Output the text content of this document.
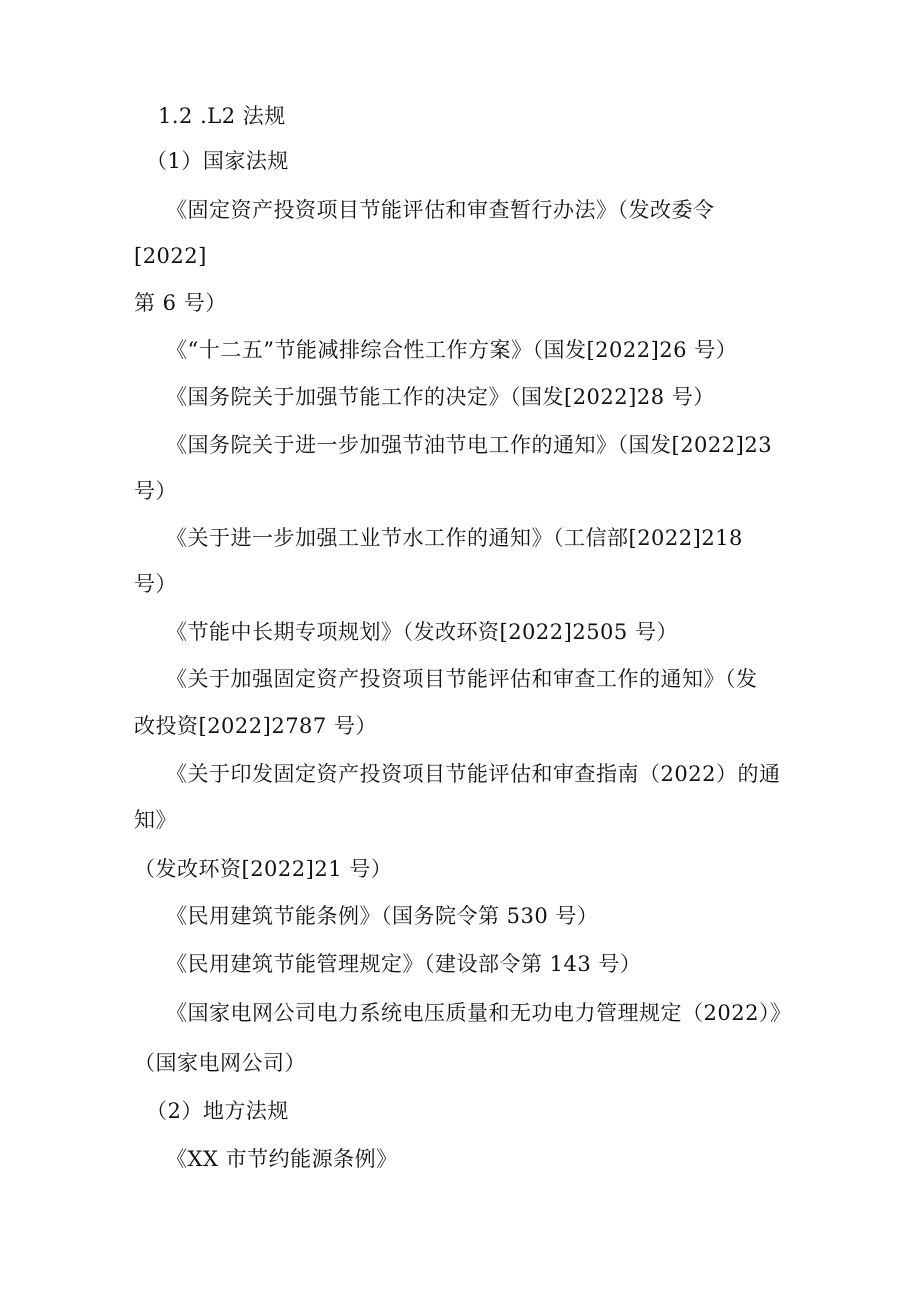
1.2 .L2 法规
（1）国家法规
《固定资产投资项目节能评估和审查暂行办法》（发改委令
[2022]
第 6 号）
《“十二五”节能减排综合性工作方案》（国发[2022]26 号）
《国务院关于加强节能工作的决定》（国发[2022]28 号）
《国务院关于进一步加强节油节电工作的通知》（国发[2022]23
号）
《关于进一步加强工业节水工作的通知》（工信部[2022]218
号）
《节能中长期专项规划》（发改环资[2022]2505 号）
《关于加强固定资产投资项目节能评估和审查工作的通知》（发
改投资[2022]2787 号）
《关于印发固定资产投资项目节能评估和审查指南（2022）的通
知》
（发改环资[2022]21 号）
《民用建筑节能条例》（国务院令第 530 号）
《民用建筑节能管理规定》（建设部令第 143 号）
《国家电网公司电力系统电压质量和无功电力管理规定（2022）》
（国家电网公司）
（2）地方法规
《XX 市节约能源条例》
